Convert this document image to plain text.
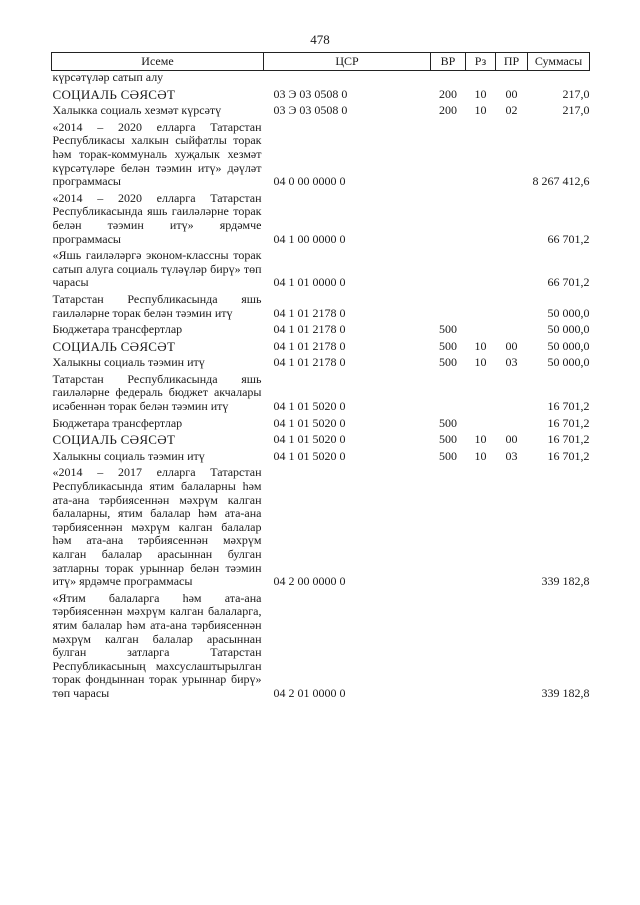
478
Исеме	ЦСР	ВР	Рз	ПР	Суммасы
күрсәтүләр сатып алу					
СОЦИАЛЬ СӘЯСӘТ	03 Э 03 0508 0	200	10	00	217,0
Халыкка социаль хезмәт күрсәтү	03 Э 03 0508 0	200	10	02	217,0
«2014 – 2020 елларга Татарстан Республикасы халкын сыйфатлы торак һәм торак-коммуналь хуҗалык хезмәт күрсәтүләре белән тәэмин итү» дәүләт программасы	04 0 00 0000 0				8 267 412,6
«2014 – 2020 елларга Татарстан Республикасында яшь гаиләләрне торак белән тәэмин итү» ярдәмче программасы	04 1 00 0000 0				66 701,2
«Яшь гаиләләргә эконом-классны торак сатып алуга социаль түләүләр бирү» төп чарасы	04 1 01 0000 0				66 701,2
Татарстан Республикасында яшь гаиләләрне торак белән тәэмин итү	04 1 01 2178 0				50 000,0
Бюджетара трансфертлар	04 1 01 2178 0	500			50 000,0
СОЦИАЛЬ СӘЯСӘТ	04 1 01 2178 0	500	10	00	50 000,0
Халыкны социаль тәэмин итү	04 1 01 2178 0	500	10	03	50 000,0
Татарстан Республикасында яшь гаиләләрне федераль бюджет акчалары исәбеннән торак белән тәэмин итү	04 1 01 5020 0				16 701,2
Бюджетара трансфертлар	04 1 01 5020 0	500			16 701,2
СОЦИАЛЬ СӘЯСӘТ	04 1 01 5020 0	500	10	00	16 701,2
Халыкны социаль тәэмин итү	04 1 01 5020 0	500	10	03	16 701,2
«2014 – 2017 елларга Татарстан Республикасында ятим балаларны һәм ата-ана тәрбиясеннән мәхрүм калган балаларны, ятим балалар һәм ата-ана тәрбиясеннән мәхрүм калган балалар һәм ата-ана тәрбиясеннән мәхрүм калган балалар арасыннан булган затларны торак урыннар белән тәэмин итү» ярдәмче программасы	04 2 00 0000 0				339 182,8
«Ятим балаларга һәм ата-ана тәрбиясеннән мәхрүм калган балаларга, ятим балалар һәм ата-ана тәрбиясеннән мәхрүм калган балалар арасыннан булган затларга Татарстан Республикасының махсуслаштырылган торак фондыннан торак урыннар бирү» төп чарасы	04 2 01 0000 0				339 182,8
